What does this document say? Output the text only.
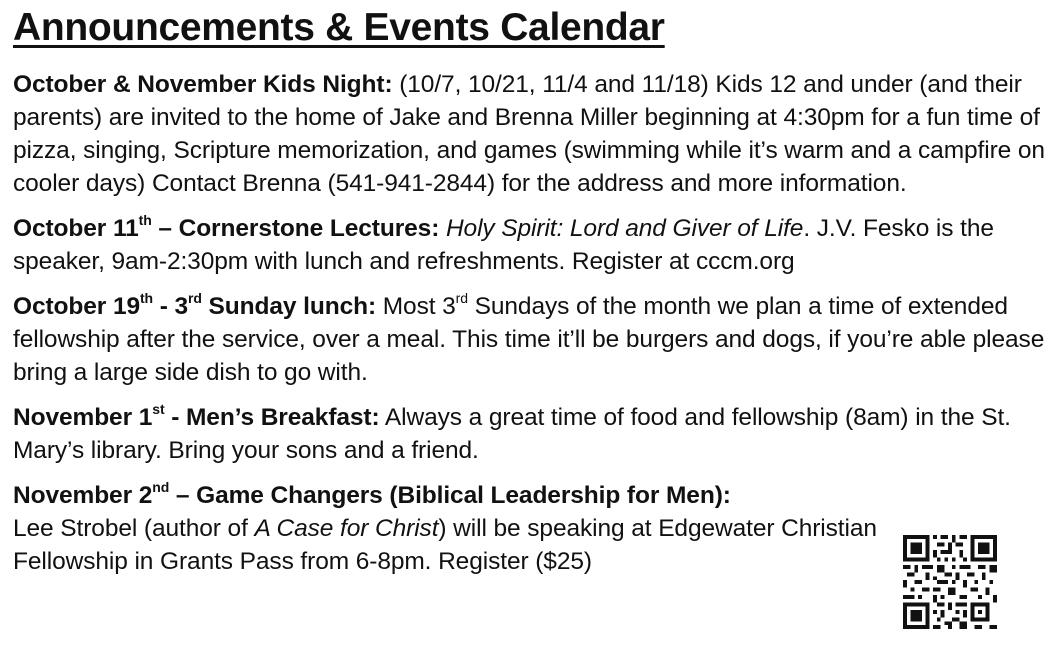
Announcements & Events Calendar

October & November Kids Night: (10/7, 10/21, 11/4 and 11/18) Kids 12 and under (and their parents) are invited to the home of Jake and Brenna Miller beginning at 4:30pm for a fun time of pizza, singing, Scripture memorization, and games (swimming while it’s warm and a campfire on cooler days) Contact Brenna (541-941-2844) for the address and more information.

October 11th – Cornerstone Lectures: Holy Spirit: Lord and Giver of Life. J.V. Fesko is the speaker, 9am-2:30pm with lunch and refreshments. Register at cccm.org

October 19th - 3rd Sunday lunch: Most 3rd Sundays of the month we plan a time of extended fellowship after the service, over a meal. This time it’ll be burgers and dogs, if you’re able please bring a large side dish to go with.

November 1st - Men’s Breakfast: Always a great time of food and fellowship (8am) in the St. Mary’s library. Bring your sons and a friend.

November 2nd – Game Changers (Biblical Leadership for Men):
Lee Strobel (author of A Case for Christ) will be speaking at Edgewater Christian Fellowship in Grants Pass from 6-8pm. Register ($25)
